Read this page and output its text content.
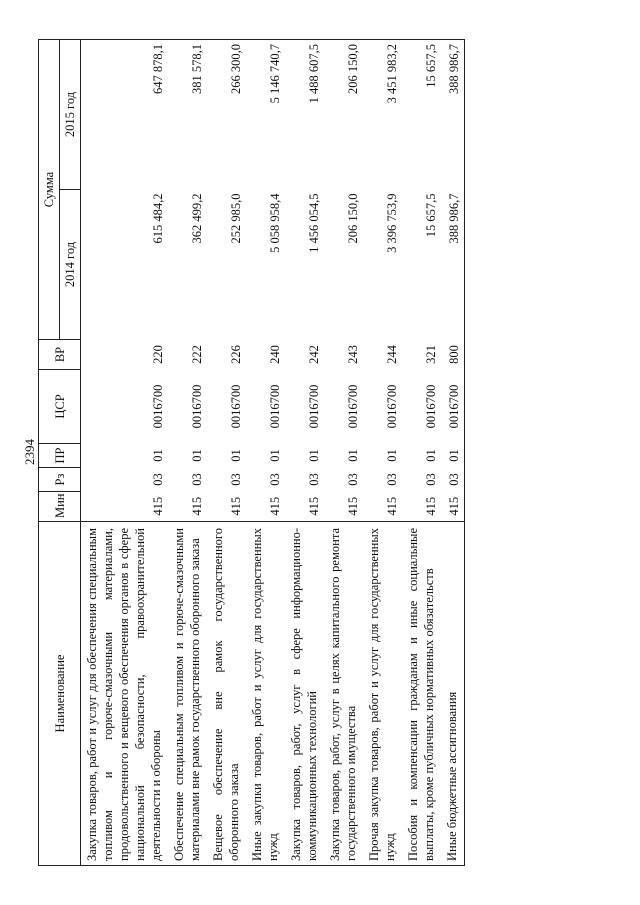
2394
Наименование	Мин	Рз	ПР	ЦСР	ВР	Сумма	
						2014 год	2015 год
Закупка товаров, работ и услуг для обеспечения специальным топливом и горюче-смазочными материалами, продовольственного и вещевого обеспечения органов в сфере национальной безопасности, правоохранительной деятельности и обороны	415	03	01	0016700	220	615 484,2	647 878,1
Обеспечение специальным топливом и горюче-смазочными материалами вне рамок государственного оборонного заказа	415	03	01	0016700	222	362 499,2	381 578,1
Вещевое обеспечение вне рамок государственного оборонного заказа	415	03	01	0016700	226	252 985,0	266 300,0
Иные закупки товаров, работ и услуг для государственных нужд	415	03	01	0016700	240	5 058 958,4	5 146 740,7
Закупка товаров, работ, услуг в сфере информационно-коммуникационных технологий	415	03	01	0016700	242	1 456 054,5	1 488 607,5
Закупка товаров, работ, услуг в целях капитального ремонта государственного имущества	415	03	01	0016700	243	206 150,0	206 150,0
Прочая закупка товаров, работ и услуг для государственных нужд	415	03	01	0016700	244	3 396 753,9	3 451 983,2
Пособия и компенсации гражданам и иные социальные выплаты, кроме публичных нормативных обязательств	415	03	01	0016700	321	15 657,5	15 657,5
Иные бюджетные ассигнования	415	03	01	0016700	800	388 986,7	388 986,7
